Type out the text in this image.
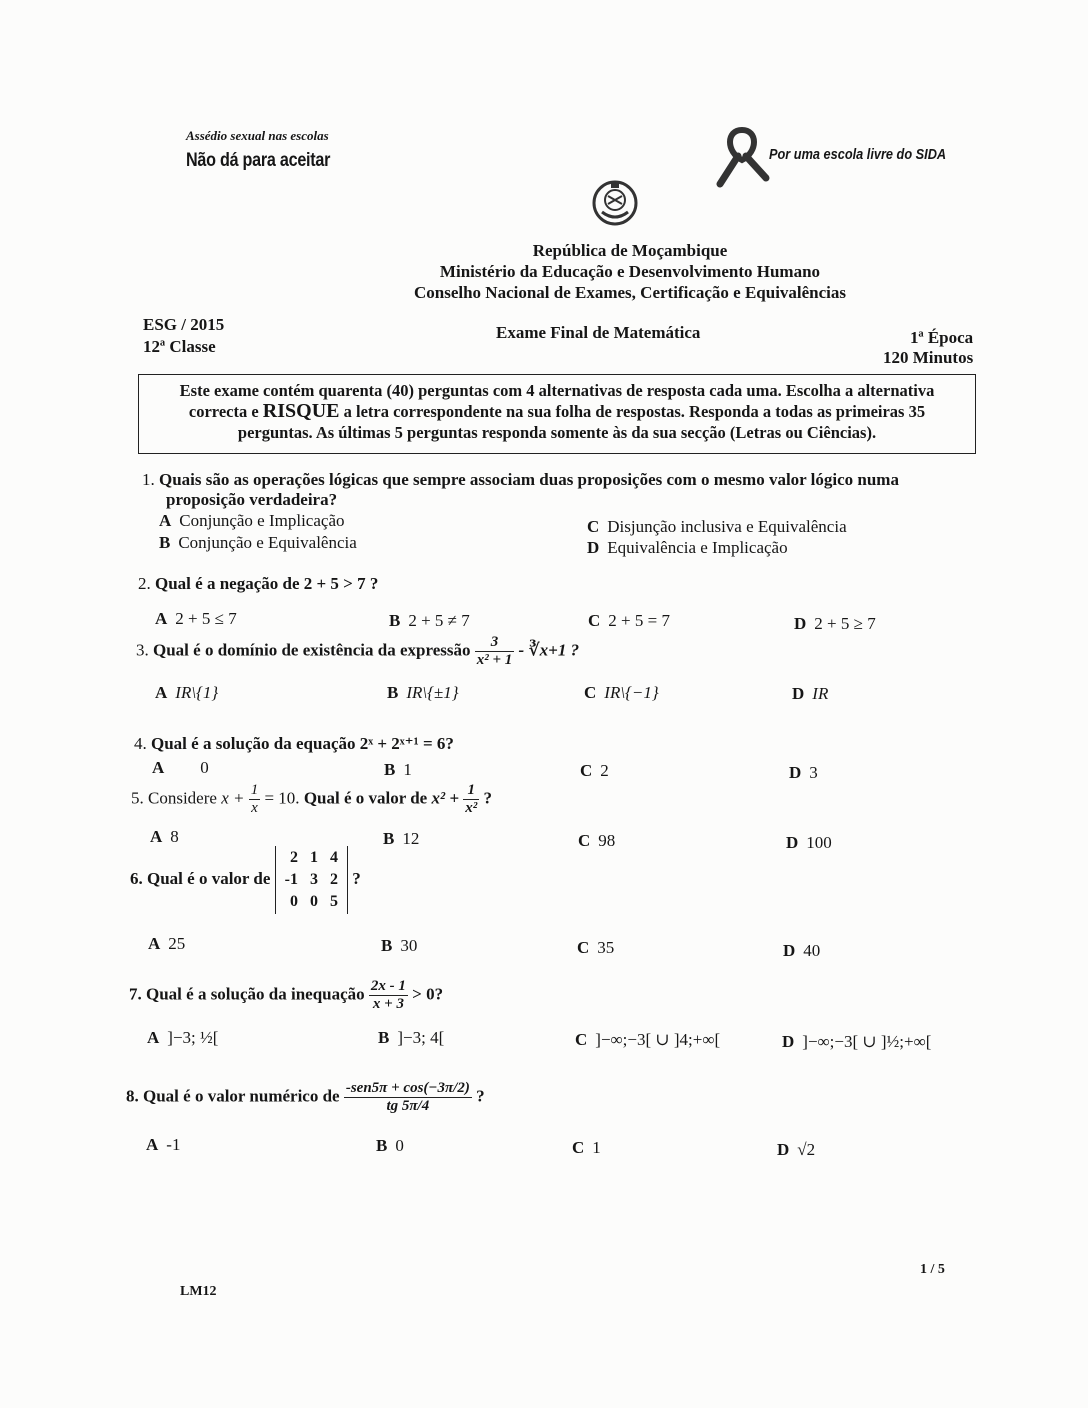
Assédio sexual nas escolas
Não dá para aceitar	Por uma escola livre do SIDA
República de Moçambique
Ministério da Educação e Desenvolvimento Humano
Conselho Nacional de Exames, Certificação e Equivalências
ESG / 2015
12ª Classe
Exame Final de Matemática	1ª Época
120 Minutos
Este exame contém quarenta (40) perguntas com 4 alternativas de resposta cada uma. Escolha a alternativa correcta e RISQUE a letra correspondente na sua folha de respostas. Responda a todas as primeiras 35 perguntas. As últimas 5 perguntas responda somente às da sua secção (Letras ou Ciências).
1. Quais são as operações lógicas que sempre associam duas proposições com o mesmo valor lógico numa
proposição verdadeira?
A Conjunção e Implicação
B Conjunção e Equivalência
C Disjunção inclusiva e Equivalência
D Equivalência e Implicação
2. Qual é a negação de 2 + 5 > 7 ?
A 2 + 5 ≤ 7	B 2 + 5 ≠ 7	C 2 + 5 = 7	D 2 + 5 ≥ 7
3. Qual é o domínio de existência da expressão $\frac{3}{\text{x² + 1}}$ - ∛x+1 ?
A IR\{1}	B IR\{±1}	C IR\{−1}	D IR
4. Qual é a solução da equação 2ˣ + 2ˣ⁺¹ = 6?
A 0	B 1	C 2	D 3
5. Considere $x + \frac{1}{x} = 10$. Qual é o valor de $x^2 + \frac{1}{\text{x²}}$ ?
A 8	B 12	C 98	D 100
6. Qual é o valor de
2	1	4
-1	3	2
0	0	5
?
A 25	B 30	C 35	D 40
7. Qual é a solução da inequação $\frac{2x - 1}{x + 3} > 0$?
A ]−3; ½[	B ]−3; 4[	C ]−∞;−3[ ∪ ]4;+∞[	D ]−∞;−3[ ∪ ]½;+∞[
8. Qual é o valor numérico de $\frac{\text{-sen5π + cos(−3π/2)}}{tg 5\pi/4}$ ?
A -1	B 0	C 1	D √2
LM12
1 / 5
